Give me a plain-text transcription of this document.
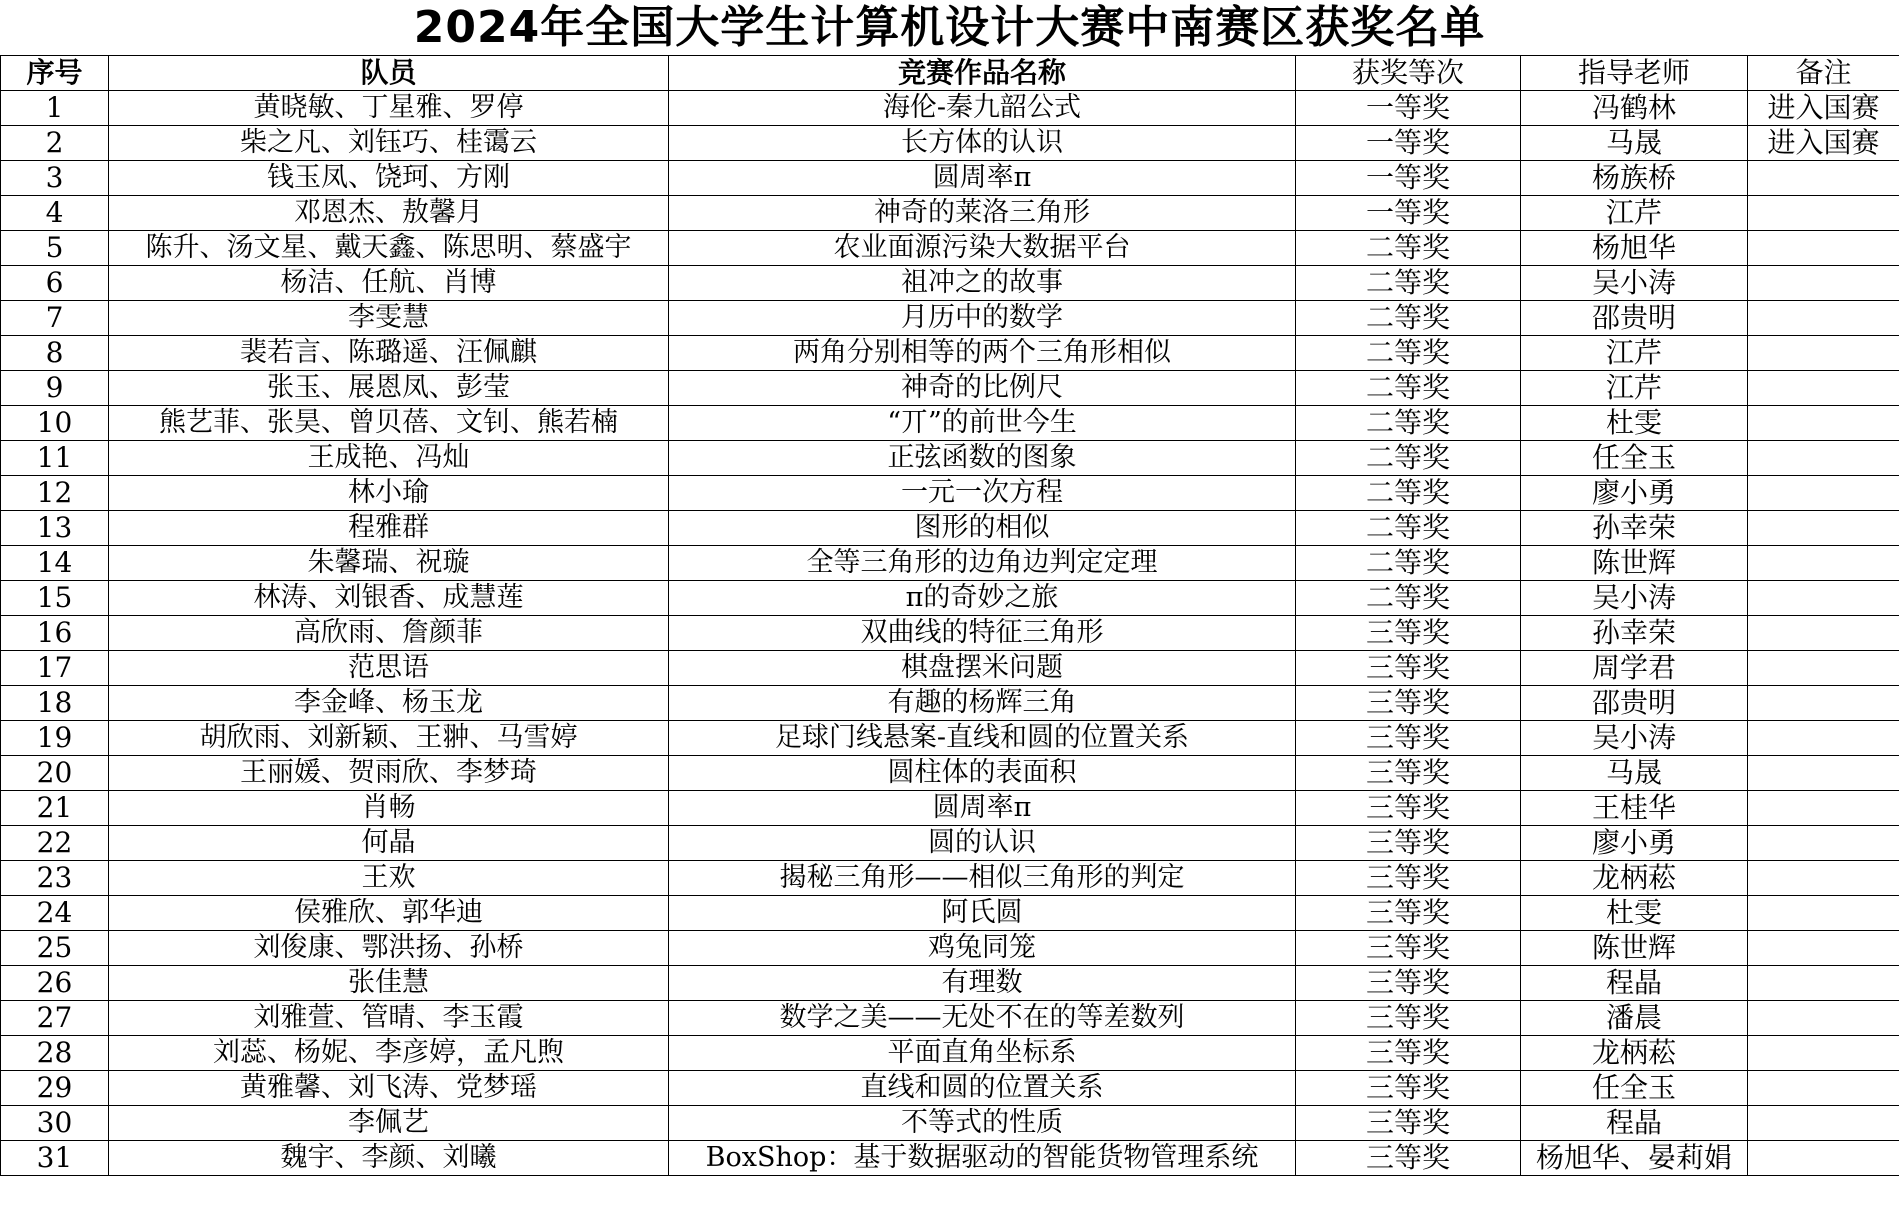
2024年全国大学生计算机设计大赛中南赛区获奖名单
序号	队员	竞赛作品名称	获奖等次	指导老师	备注
1	黄晓敏、丁星雅、罗停	海伦-秦九韶公式	一等奖	冯鹤林	进入国赛
2	柴之凡、刘钰巧、桂霭云	长方体的认识	一等奖	马晟	进入国赛
3	钱玉凤、饶珂、方刚	圆周率π	一等奖	杨族桥	
4	邓恩杰、敖馨月	神奇的莱洛三角形	一等奖	江芹	
5	陈升、汤文星、戴天鑫、陈思明、蔡盛宇	农业面源污染大数据平台	二等奖	杨旭华	
6	杨洁、任航、肖博	祖冲之的故事	二等奖	吴小涛	
7	李雯慧	月历中的数学	二等奖	邵贵明	
8	裴若言、陈璐遥、汪佩麒	两角分别相等的两个三角形相似	二等奖	江芹	
9	张玉、展恩凤、彭莹	神奇的比例尺	二等奖	江芹	
10	熊艺菲、张昊、曾贝蓓、文钊、熊若楠	“丌”的前世今生	二等奖	杜雯	
11	王成艳、冯灿	正弦函数的图象	二等奖	任全玉	
12	林小瑜	一元一次方程	二等奖	廖小勇	
13	程雅群	图形的相似	二等奖	孙幸荣	
14	朱馨瑞、祝璇	全等三角形的边角边判定定理	二等奖	陈世辉	
15	林涛、刘银香、成慧莲	π的奇妙之旅	二等奖	吴小涛	
16	高欣雨、詹颜菲	双曲线的特征三角形	三等奖	孙幸荣	
17	范思语	棋盘摆米问题	三等奖	周学君	
18	李金峰、杨玉龙	有趣的杨辉三角	三等奖	邵贵明	
19	胡欣雨、刘新颖、王翀、马雪婷	足球门线悬案-直线和圆的位置关系	三等奖	吴小涛	
20	王丽媛、贺雨欣、李梦琦	圆柱体的表面积	三等奖	马晟	
21	肖畅	圆周率π	三等奖	王桂华	
22	何晶	圆的认识	三等奖	廖小勇	
23	王欢	揭秘三角形——相似三角形的判定	三等奖	龙柄菘	
24	侯雅欣、郭华迪	阿氏圆	三等奖	杜雯	
25	刘俊康、鄂洪扬、孙桥	鸡兔同笼	三等奖	陈世辉	
26	张佳慧	有理数	三等奖	程晶	
27	刘雅萱、管晴、李玉霞	数学之美——无处不在的等差数列	三等奖	潘晨	
28	刘蕊、杨妮、李彦婷，孟凡煦	平面直角坐标系	三等奖	龙柄菘	
29	黄雅馨、刘飞涛、党梦瑶	直线和圆的位置关系	三等奖	任全玉	
30	李佩艺	不等式的性质	三等奖	程晶	
31	魏宇、李颜、刘曦	BoxShop：基于数据驱动的智能货物管理系统	三等奖	杨旭华、晏莉娟	
